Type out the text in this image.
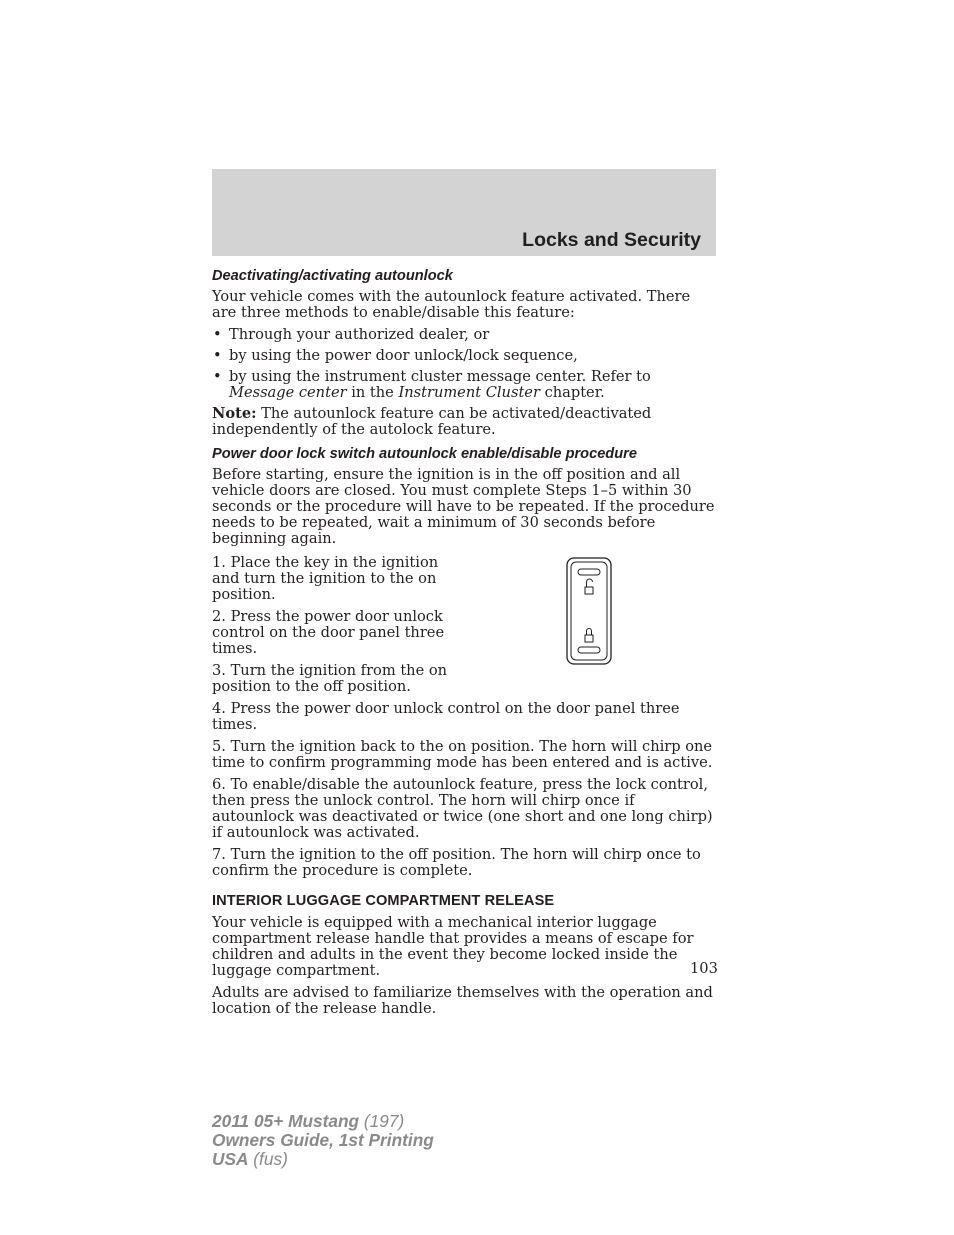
Locks and Security
Deactivating/activating autounlock

Your vehicle comes with the autounlock feature activated. There are three methods to enable/disable this feature:

• Through your authorized dealer, or
• by using the power door unlock/lock sequence,
• by using the instrument cluster message center. Refer to Message center in the Instrument Cluster chapter.

Note: The autounlock feature can be activated/deactivated independently of the autolock feature.

Power door lock switch autounlock enable/disable procedure

Before starting, ensure the ignition is in the off position and all vehicle doors are closed. You must complete Steps 1–5 within 30 seconds or the procedure will have to be repeated. If the procedure needs to be repeated, wait a minimum of 30 seconds before beginning again.

1. Place the key in the ignition and turn the ignition to the on position.

2. Press the power door unlock control on the door panel three times.

3. Turn the ignition from the on position to the off position.

4. Press the power door unlock control on the door panel three times.

5. Turn the ignition back to the on position. The horn will chirp one time to confirm programming mode has been entered and is active.

6. To enable/disable the autounlock feature, press the lock control, then press the unlock control. The horn will chirp once if autounlock was deactivated or twice (one short and one long chirp) if autounlock was activated.

7. Turn the ignition to the off position. The horn will chirp once to confirm the procedure is complete.

INTERIOR LUGGAGE COMPARTMENT RELEASE

Your vehicle is equipped with a mechanical interior luggage compartment release handle that provides a means of escape for children and adults in the event they become locked inside the luggage compartment.

Adults are advised to familiarize themselves with the operation and location of the release handle.

103
2011 05+ Mustang (197)
Owners Guide, 1st Printing
USA (fus)
